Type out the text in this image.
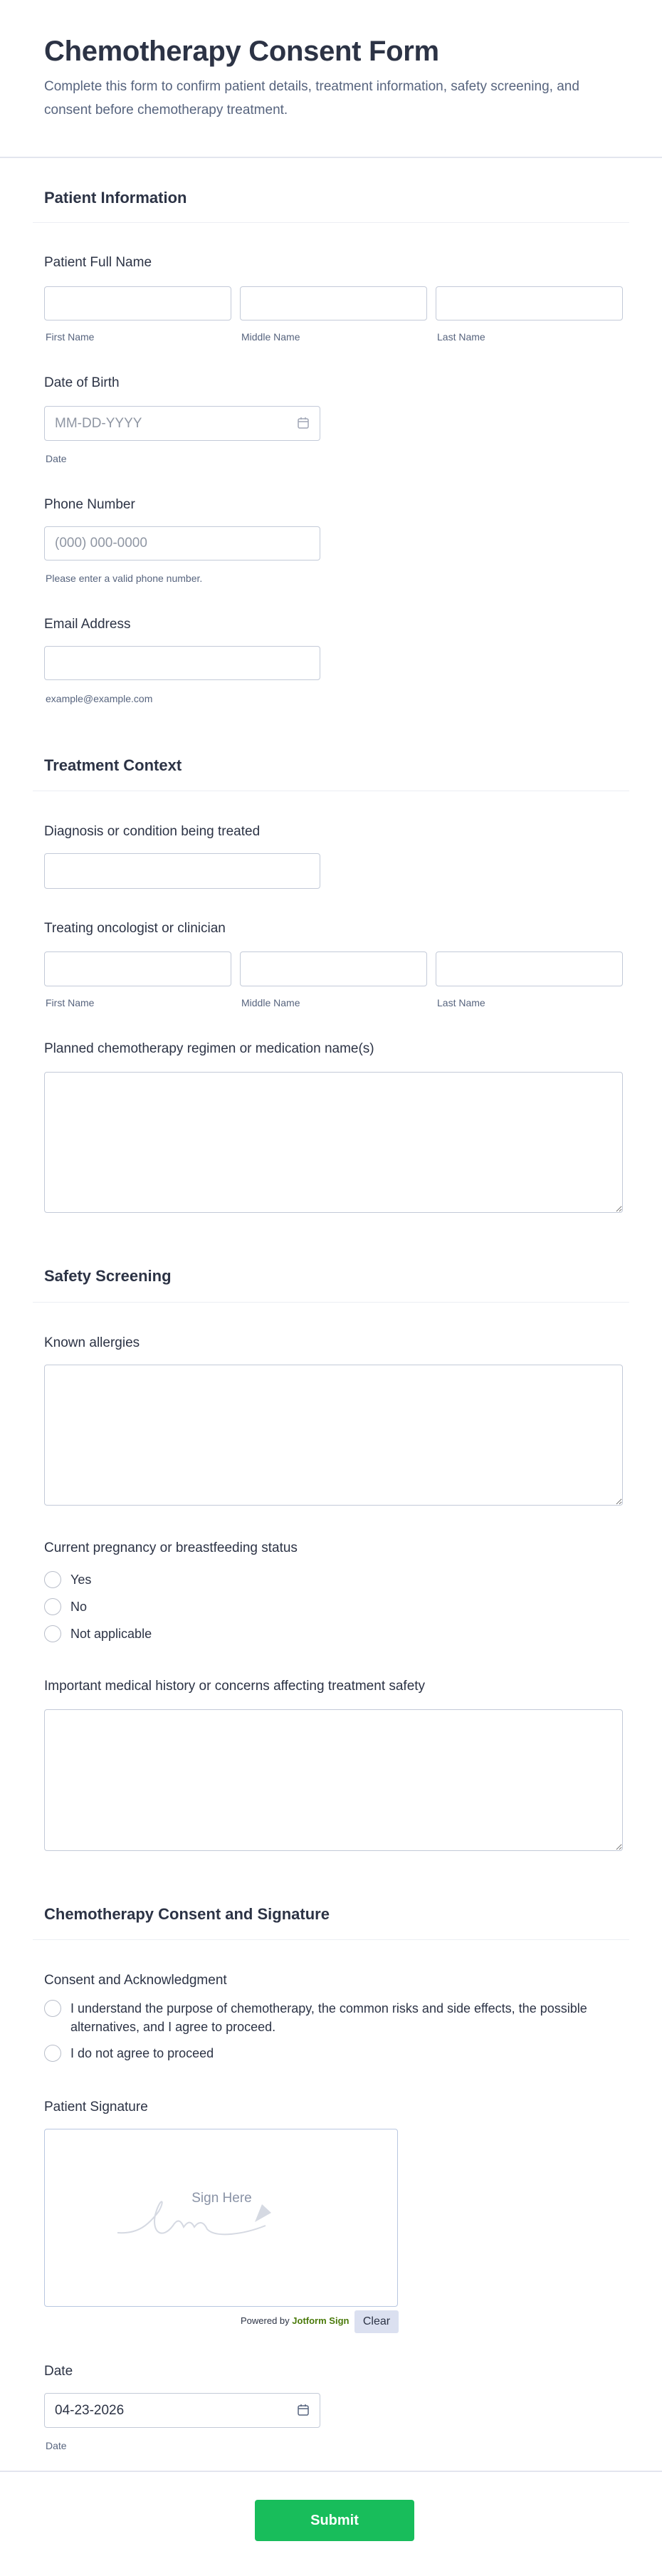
Chemotherapy Consent Form
Complete this form to confirm patient details, treatment information, safety screening, and consent before chemotherapy treatment.
Patient Information
Patient Full Name
First Name	Middle Name	Last Name
Date of Birth
MM-DD-YYYY
Date
Phone Number
(000) 000-0000
Please enter a valid phone number.
Email Address
example@example.com
Treatment Context
Diagnosis or condition being treated
Treating oncologist or clinician
First Name	Middle Name	Last Name
Planned chemotherapy regimen or medication name(s)
Safety Screening
Known allergies
Current pregnancy or breastfeeding status
Yes
No
Not applicable
Important medical history or concerns affecting treatment safety
Chemotherapy Consent and Signature
Consent and Acknowledgment
I understand the purpose of chemotherapy, the common risks and side effects, the possible alternatives, and I agree to proceed.
I do not agree to proceed
Patient Signature
Sign Here
Powered by Jotform Sign	Clear
Date
04-23-2026
Date
Submit
